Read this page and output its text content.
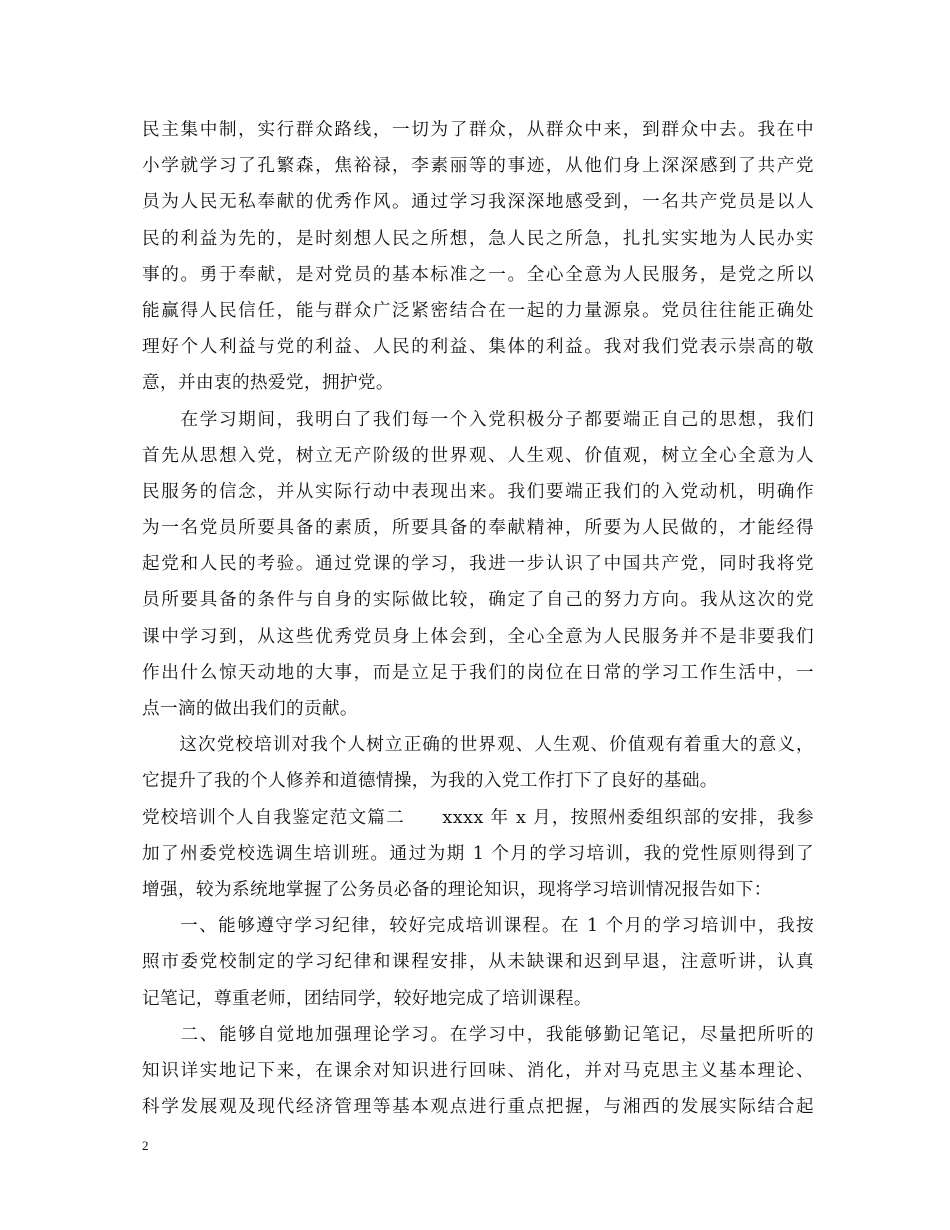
民主集中制，实行群众路线，一切为了群众，从群众中来，到群众中去。我在中
小学就学习了孔繁森，焦裕禄，李素丽等的事迹，从他们身上深深感到了共产党
员为人民无私奉献的优秀作风。通过学习我深深地感受到，一名共产党员是以人
民的利益为先的，是时刻想人民之所想，急人民之所急，扎扎实实地为人民办实
事的。勇于奉献，是对党员的基本标准之一。全心全意为人民服务，是党之所以
能赢得人民信任，能与群众广泛紧密结合在一起的力量源泉。党员往往能正确处
理好个人利益与党的利益、人民的利益、集体的利益。我对我们党表示崇高的敬
意，并由衷的热爱党，拥护党。
　　在学习期间，我明白了我们每一个入党积极分子都要端正自己的思想，我们
首先从思想入党，树立无产阶级的世界观、人生观、价值观，树立全心全意为人
民服务的信念，并从实际行动中表现出来。我们要端正我们的入党动机，明确作
为一名党员所要具备的素质，所要具备的奉献精神，所要为人民做的，才能经得
起党和人民的考验。通过党课的学习，我进一步认识了中国共产党，同时我将党
员所要具备的条件与自身的实际做比较，确定了自己的努力方向。我从这次的党
课中学习到，从这些优秀党员身上体会到，全心全意为人民服务并不是非要我们
作出什么惊天动地的大事，而是立足于我们的岗位在日常的学习工作生活中，一
点一滴的做出我们的贡献。
　　这次党校培训对我个人树立正确的世界观、人生观、价值观有着重大的意义，
它提升了我的个人修养和道德情操，为我的入党工作打下了良好的基础。
党校培训个人自我鉴定范文篇二　　xxxx 年 x 月，按照州委组织部的安排，我参
加了州委党校选调生培训班。通过为期 1 个月的学习培训，我的党性原则得到了
增强，较为系统地掌握了公务员必备的理论知识，现将学习培训情况报告如下：
　　一、能够遵守学习纪律，较好完成培训课程。在 1 个月的学习培训中，我按
照市委党校制定的学习纪律和课程安排，从未缺课和迟到早退，注意听讲，认真
记笔记，尊重老师，团结同学，较好地完成了培训课程。
　　二、能够自觉地加强理论学习。在学习中，我能够勤记笔记，尽量把所听的
知识详实地记下来，在课余对知识进行回味、消化，并对马克思主义基本理论、
科学发展观及现代经济管理等基本观点进行重点把握，与湘西的发展实际结合起
2
